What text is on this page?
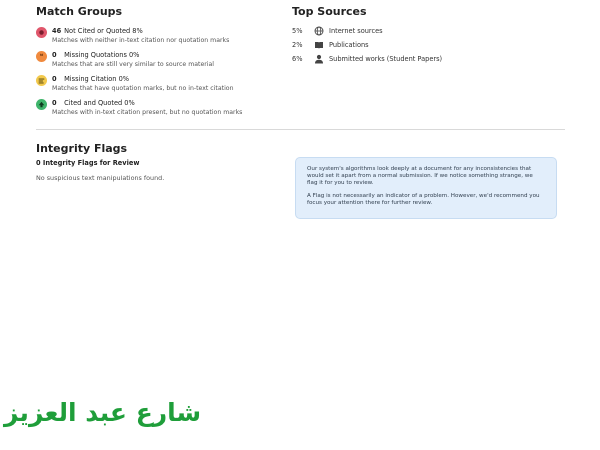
Match Groups
46 Not Cited or Quoted 8%
Matches with neither in-text citation nor quotation marks
❝	0 Missing Quotations 0%
Matches that are still very similar to source material
0 Missing Citation 0%
Matches that have quotation marks, but no in-text citation
0 Cited and Quoted 0%
Matches with in-text citation present, but no quotation marks
Top Sources
5%	Internet sources
2%	Publications
6%	Submitted works (Student Papers)
Integrity Flags
0 Integrity Flags for Review
No suspicious text manipulations found.

Our system's algorithms look deeply at a document for any inconsistencies that would set it apart from a normal submission. If we notice something strange, we flag it for you to review.

A Flag is not necessarily an indicator of a problem. However, we'd recommend you focus your attention there for further review.

شارع عبد العزيز
